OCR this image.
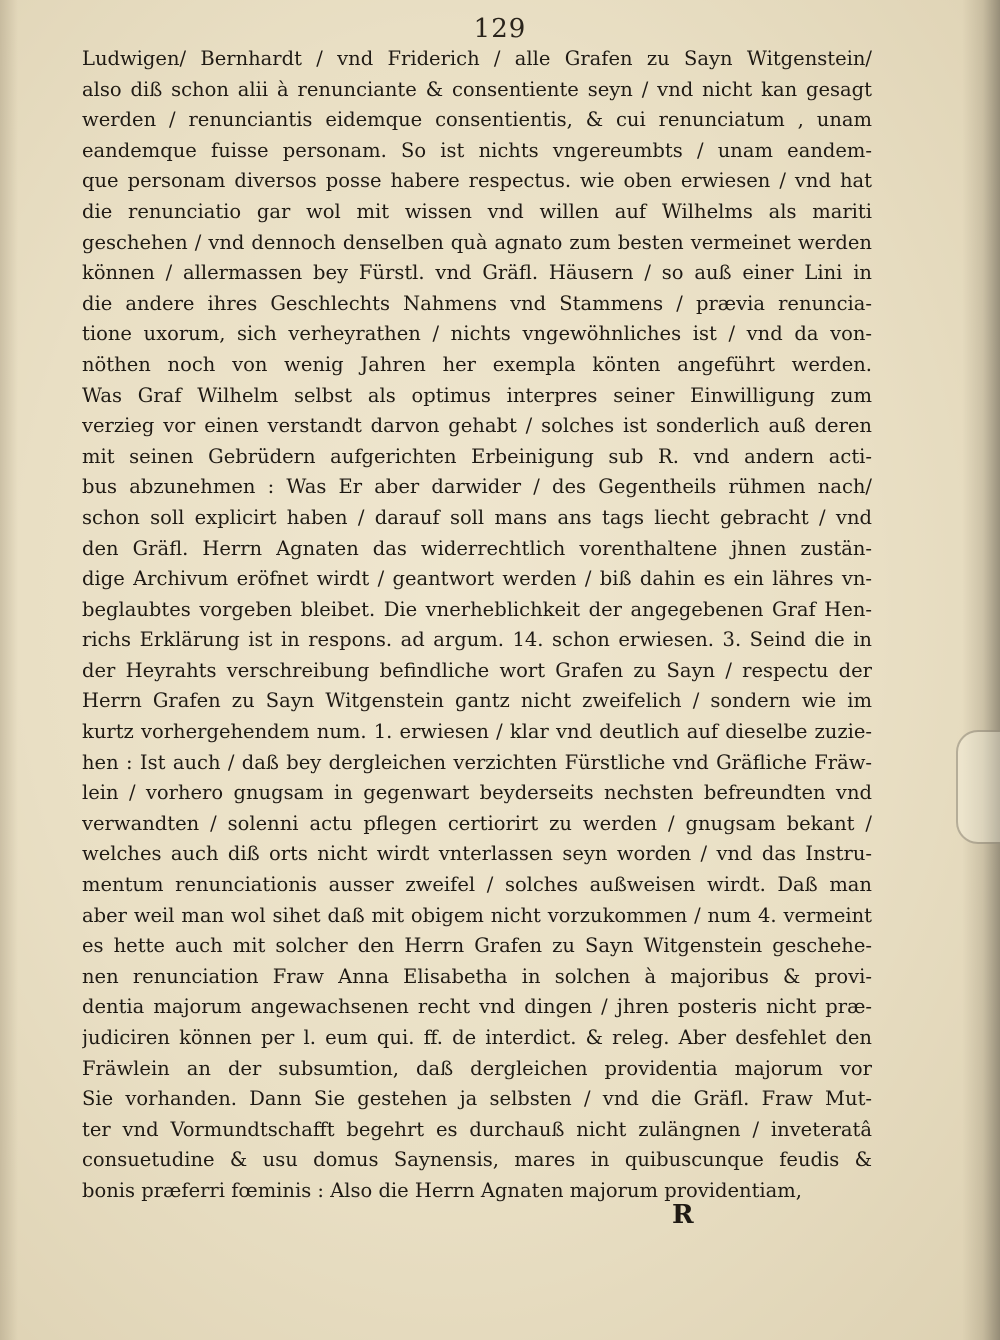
129
Ludwigen/ Bernhardt / vnd Friderich / alle Grafen zu Sayn Witgenstein/
also diß schon alii à renunciante & consentiente seyn / vnd nicht kan gesagt
werden / renunciantis eidemque consentientis, & cui renunciatum , unam
eandemque fuisse personam. So ist nichts vngereumbts / unam eandem-
que personam diversos posse habere respectus. wie oben erwiesen / vnd hat
die renunciatio gar wol mit wissen vnd willen auf Wilhelms als mariti
geschehen / vnd dennoch denselben quà agnato zum besten vermeinet werden
können / allermassen bey Fürstl. vnd Gräfl. Häusern / so auß einer Lini in
die andere ihres Geschlechts Nahmens vnd Stammens / prævia renuncia-
tione uxorum, sich verheyrathen / nichts vngewöhnliches ist / vnd da von-
nöthen noch von wenig Jahren her exempla könten angeführt werden.
Was Graf Wilhelm selbst als optimus interpres seiner Einwilligung zum
verzieg vor einen verstandt darvon gehabt / solches ist sonderlich auß deren
mit seinen Gebrüdern aufgerichten Erbeinigung sub R. vnd andern acti-
bus abzunehmen : Was Er aber darwider / des Gegentheils rühmen nach/
schon soll explicirt haben / darauf soll mans ans tags liecht gebracht / vnd
den Gräfl. Herrn Agnaten das widerrechtlich vorenthaltene jhnen zustän-
dige Archivum eröfnet wirdt / geantwort werden / biß dahin es ein lähres vn-
beglaubtes vorgeben bleibet. Die vnerheblichkeit der angegebenen Graf Hen-
richs Erklärung ist in respons. ad argum. 14. schon erwiesen. 3. Seind die in
der Heyrahts verschreibung befindliche wort Grafen zu Sayn / respectu der
Herrn Grafen zu Sayn Witgenstein gantz nicht zweifelich / sondern wie im
kurtz vorhergehendem num. 1. erwiesen / klar vnd deutlich auf dieselbe zuzie-
hen : Ist auch / daß bey dergleichen verzichten Fürstliche vnd Gräfliche Fräw-
lein / vorhero gnugsam in gegenwart beyderseits nechsten befreundten vnd
verwandten / solenni actu pflegen certiorirt zu werden / gnugsam bekant /
welches auch diß orts nicht wirdt vnterlassen seyn worden / vnd das Instru-
mentum renunciationis ausser zweifel / solches außweisen wirdt. Daß man
aber weil man wol sihet daß mit obigem nicht vorzukommen / num 4. vermeint
es hette auch mit solcher den Herrn Grafen zu Sayn Witgenstein geschehe-
nen renunciation Fraw Anna Elisabetha in solchen à majoribus & provi-
dentia majorum angewachsenen recht vnd dingen / jhren posteris nicht præ-
judiciren können per l. eum qui. ff. de interdict. & releg. Aber desfehlet den
Fräwlein an der subsumtion, daß dergleichen providentia majorum vor
Sie vorhanden. Dann Sie gestehen ja selbsten / vnd die Gräfl. Fraw Mut-
ter vnd Vormundtschafft begehrt es durchauß nicht zulängnen / inveteratâ
consuetudine & usu domus Saynensis, mares in quibuscunque feudis &
bonis præferri fœminis : Also die Herrn Agnaten majorum providentiam,
R
